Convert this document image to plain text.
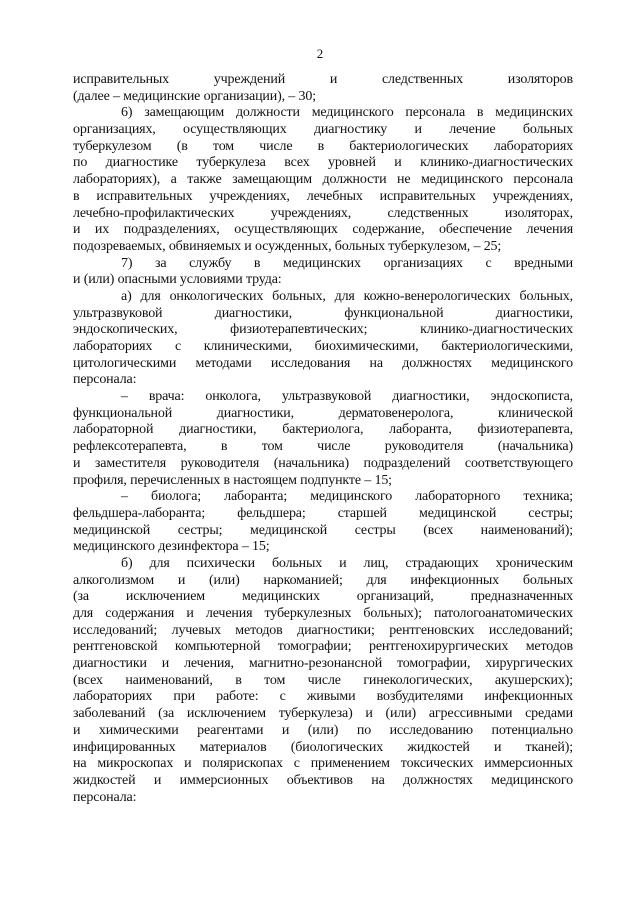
2
исправительных учреждений и следственных изоляторов
(далее – медицинские организации), – 30;
6) замещающим должности медицинского персонала в медицинских
организациях, осуществляющих диагностику и лечение больных
туберкулезом (в том числе в бактериологических лабораториях
по диагностике туберкулеза всех уровней и клинико-диагностических
лабораториях), а также замещающим должности не медицинского персонала
в исправительных учреждениях, лечебных исправительных учреждениях,
лечебно-профилактических учреждениях, следственных изоляторах,
и их подразделениях, осуществляющих содержание, обеспечение лечения
подозреваемых, обвиняемых и осужденных, больных туберкулезом, – 25;
7) за службу в медицинских организациях с вредными
и (или) опасными условиями труда:
а) для онкологических больных, для кожно-венерологических больных,
ультразвуковой диагностики, функциональной диагностики,
эндоскопических, физиотерапевтических; клинико-диагностических
лабораториях с клиническими, биохимическими, бактериологическими,
цитологическими методами исследования на должностях медицинского
персонала:
– врача: онколога, ультразвуковой диагностики, эндоскописта,
функциональной диагностики, дерматовенеролога, клинической
лабораторной диагностики, бактериолога, лаборанта, физиотерапевта,
рефлексотерапевта, в том числе руководителя (начальника)
и заместителя руководителя (начальника) подразделений соответствующего
профиля, перечисленных в настоящем подпункте – 15;
– биолога; лаборанта; медицинского лабораторного техника;
фельдшера-лаборанта; фельдшера; старшей медицинской сестры;
медицинской сестры; медицинской сестры (всех наименований);
медицинского дезинфектора – 15;
б) для психически больных и лиц, страдающих хроническим
алкоголизмом и (или) наркоманией; для инфекционных больных
(за исключением медицинских организаций, предназначенных
для содержания и лечения туберкулезных больных); патологоанатомических
исследований; лучевых методов диагностики; рентгеновских исследований;
рентгеновской компьютерной томографии; рентгенохирургических методов
диагностики и лечения, магнитно-резонансной томографии, хирургических
(всех наименований, в том числе гинекологических, акушерских);
лабораториях при работе: с живыми возбудителями инфекционных
заболеваний (за исключением туберкулеза) и (или) агрессивными средами
и химическими реагентами и (или) по исследованию потенциально
инфицированных материалов (биологических жидкостей и тканей);
на микроскопах и поляриcкопах с применением токсических иммерсионных
жидкостей и иммерсионных объективов на должностях медицинского
персонала:
